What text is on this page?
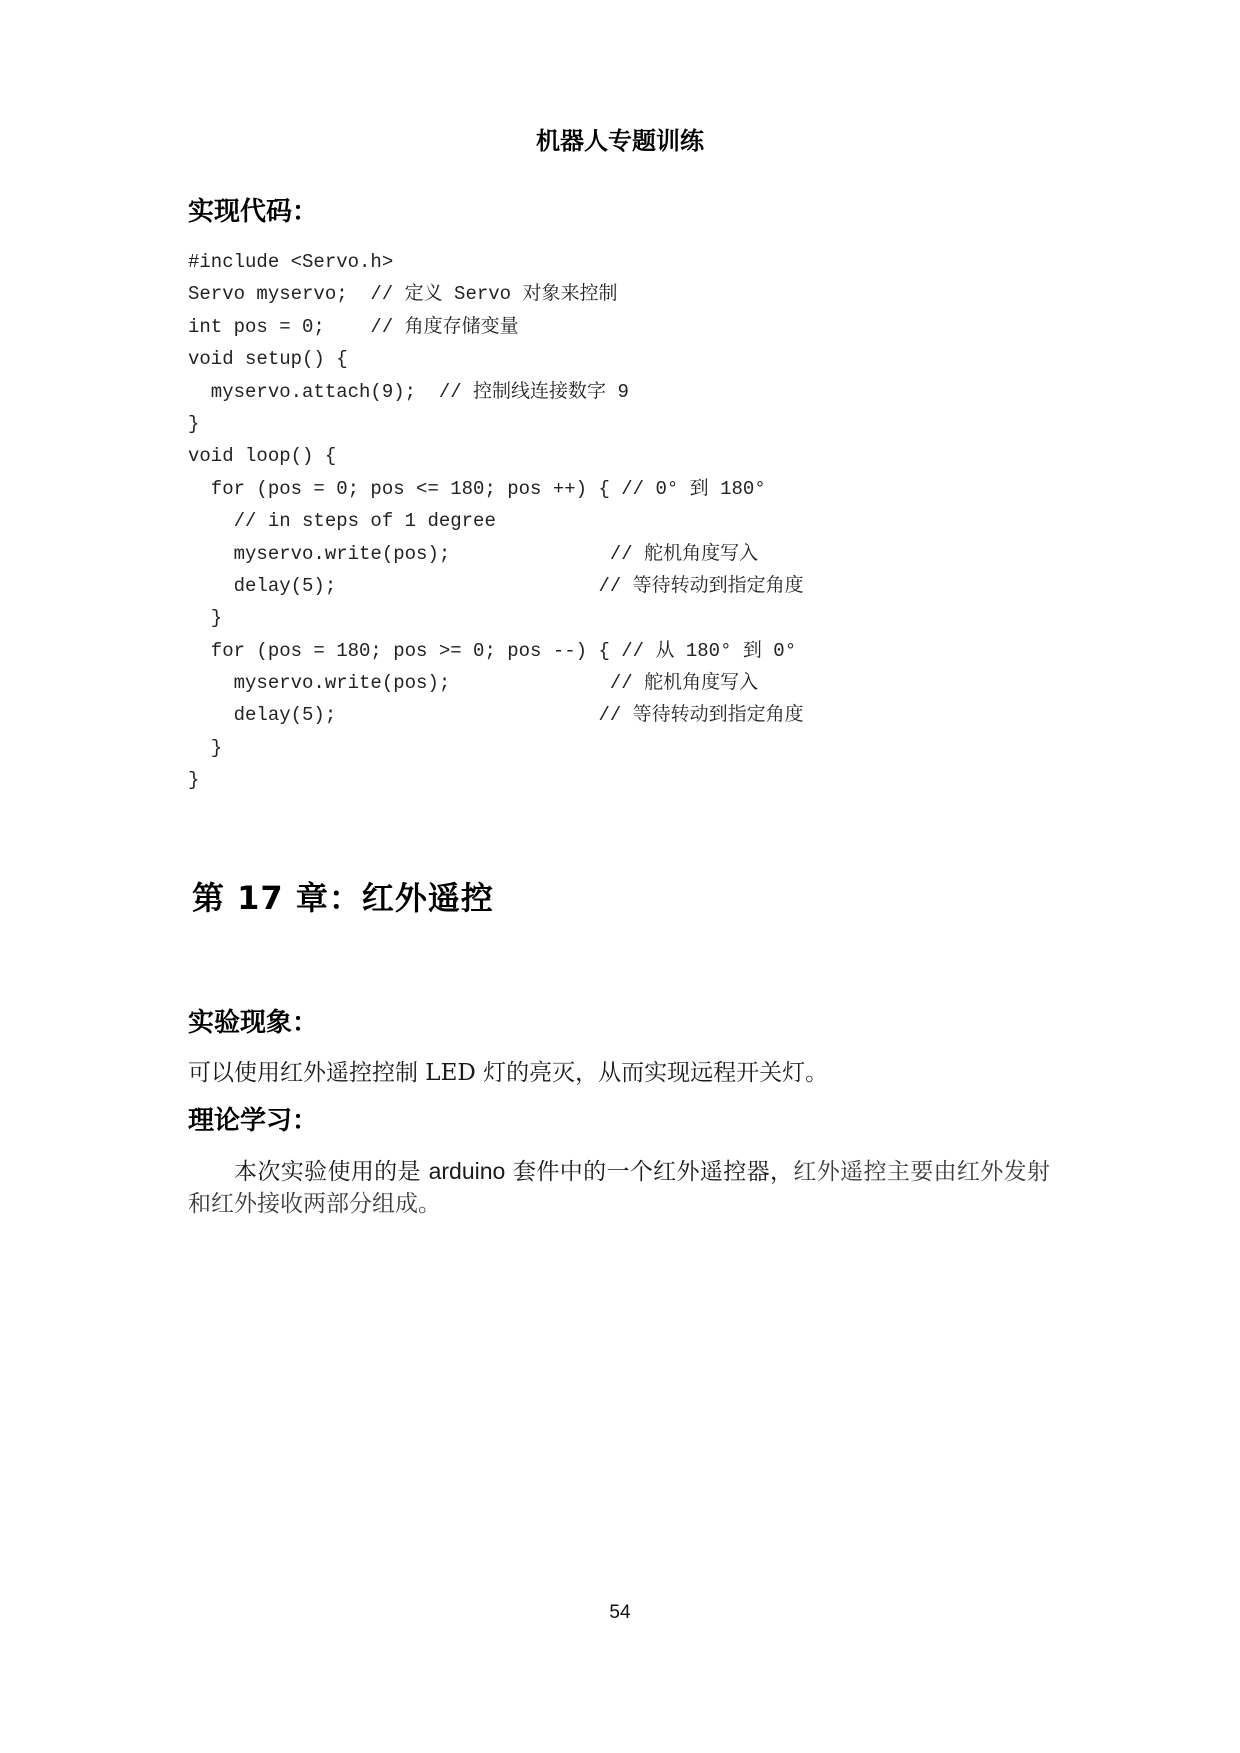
机器人专题训练
实现代码：
#include <Servo.h>
Servo myservo;  // 定义 Servo 对象来控制
int pos = 0;    // 角度存储变量
void setup() {
myservo.attach(9);  // 控制线连接数字 9
}
void loop() {
for (pos = 0; pos <= 180; pos ++) { // 0° 到 180°
// in steps of 1 degree
myservo.write(pos);              // 舵机角度写入
delay(5);                       // 等待转动到指定角度
}
for (pos = 180; pos >= 0; pos --) { // 从 180° 到 0°
myservo.write(pos);              // 舵机角度写入
delay(5);                       // 等待转动到指定角度
}
}
第 17 章：红外遥控
实验现象：
可以使用红外遥控控制 LED 灯的亮灭，从而实现远程开关灯。
理论学习：

本次实验使用的是 arduino 套件中的一个红外遥控器，红外遥控主要由红外发射和红外接收两部分组成。

54
